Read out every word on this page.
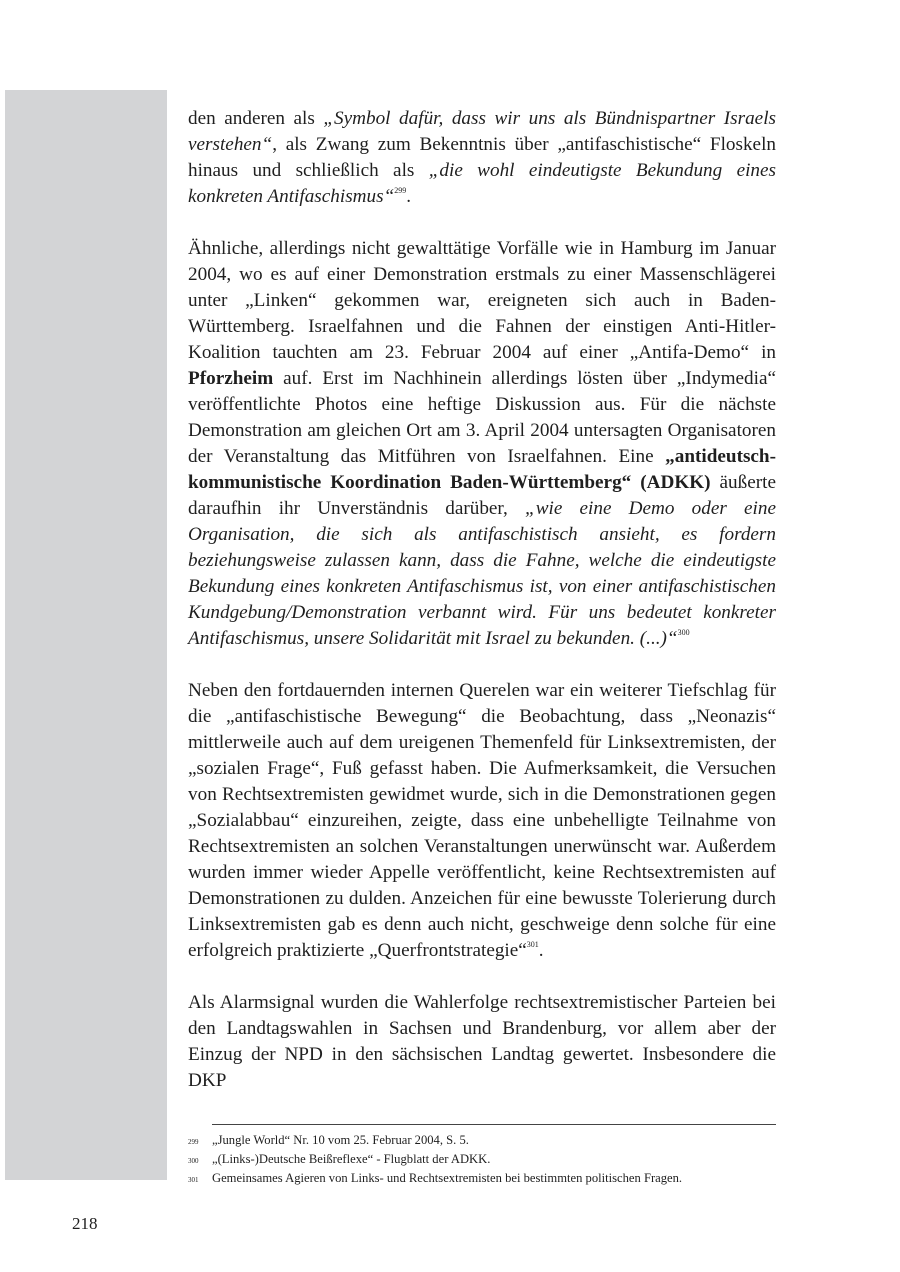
den anderen als „Symbol dafür, dass wir uns als Bündnispartner Israels verstehen“, als Zwang zum Bekenntnis über „antifaschistische“ Floskeln hinaus und schließlich als „die wohl eindeutigste Bekundung eines konkreten Antifaschismus“$^{299}$.

Ähnliche, allerdings nicht gewalttätige Vorfälle wie in Hamburg im Januar 2004, wo es auf einer Demonstration erstmals zu einer Massenschlägerei unter „Linken“ gekommen war, ereigneten sich auch in Baden-Württemberg. Israelfahnen und die Fahnen der einstigen Anti-Hitler-Koalition tauchten am 23. Februar 2004 auf einer „Antifa-Demo“ in Pforzheim auf. Erst im Nachhinein allerdings lösten über „Indymedia“ veröffentlichte Photos eine heftige Diskussion aus. Für die nächste Demonstration am gleichen Ort am 3. April 2004 untersagten Organisatoren der Veranstaltung das Mitführen von Israelfahnen. Eine „antideutsch-kommunistische Koordination Baden-Württemberg“ (ADKK) äußerte daraufhin ihr Unverständnis darüber, „wie eine Demo oder eine Organisation, die sich als antifaschistisch ansieht, es fordern beziehungsweise zulassen kann, dass die Fahne, welche die eindeutigste Bekundung eines konkreten Antifaschismus ist, von einer antifaschistischen Kundgebung/Demonstration verbannt wird. Für uns bedeutet konkreter Antifaschismus, unsere Solidarität mit Israel zu bekunden. (...)“$^{300}$

Neben den fortdauernden internen Querelen war ein weiterer Tiefschlag für die „antifaschistische Bewegung“ die Beobachtung, dass „Neonazis“ mittlerweile auch auf dem ureigenen Themenfeld für Linksextremisten, der „sozialen Frage“, Fuß gefasst haben. Die Aufmerksamkeit, die Versuchen von Rechtsextremisten gewidmet wurde, sich in die Demonstrationen gegen „Sozialabbau“ einzureihen, zeigte, dass eine unbehelligte Teilnahme von Rechtsextremisten an solchen Veranstaltungen unerwünscht war. Außerdem wurden immer wieder Appelle veröffentlicht, keine Rechtsextremisten auf Demonstrationen zu dulden. Anzeichen für eine bewusste Tolerierung durch Linksextremisten gab es denn auch nicht, geschweige denn solche für eine erfolgreich praktizierte „Querfrontstrategie“$^{301}$.

Als Alarmsignal wurden die Wahlerfolge rechtsextremistischer Parteien bei den Landtagswahlen in Sachsen und Brandenburg, vor allem aber der Einzug der NPD in den sächsischen Landtag gewertet. Insbesondere die DKP

299	„Jungle World“ Nr. 10 vom 25. Februar 2004, S. 5.
300	„(Links-)Deutsche Beißreflexe“ - Flugblatt der ADKK.
301	Gemeinsames Agieren von Links- und Rechtsextremisten bei bestimmten politischen Fragen.
218
